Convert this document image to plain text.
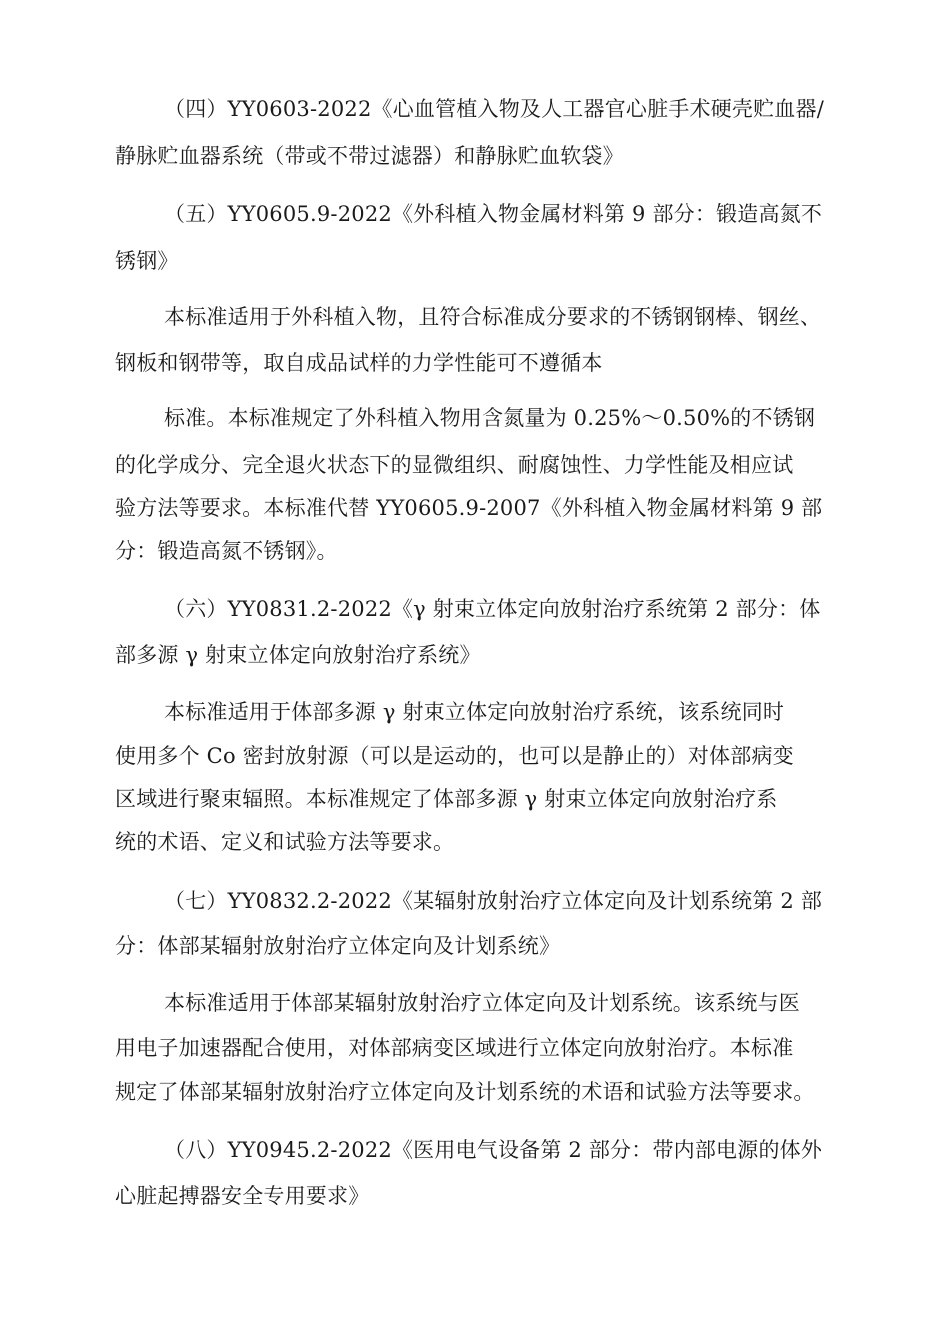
（四）YY0603-2022《心血管植入物及人工器官心脏手术硬壳贮血器/

静脉贮血器系统（带或不带过滤器）和静脉贮血软袋》

（五）YY0605.9-2022《外科植入物金属材料第 9 部分：锻造高氮不

锈钢》

本标准适用于外科植入物，且符合标准成分要求的不锈钢钢棒、钢丝、

钢板和钢带等，取自成品试样的力学性能可不遵循本

标准。本标准规定了外科植入物用含氮量为 0.25%～0.50%的不锈钢

的化学成分、完全退火状态下的显微组织、耐腐蚀性、力学性能及相应试

验方法等要求。本标准代替 YY0605.9-2007《外科植入物金属材料第 9 部

分：锻造高氮不锈钢》。

（六）YY0831.2-2022《γ 射束立体定向放射治疗系统第 2 部分：体

部多源 γ 射束立体定向放射治疗系统》

本标准适用于体部多源 γ 射束立体定向放射治疗系统，该系统同时

使用多个 Co 密封放射源（可以是运动的，也可以是静止的）对体部病变

区域进行聚束辐照。本标准规定了体部多源 γ 射束立体定向放射治疗系

统的术语、定义和试验方法等要求。

（七）YY0832.2-2022《某辐射放射治疗立体定向及计划系统第 2 部

分：体部某辐射放射治疗立体定向及计划系统》

本标准适用于体部某辐射放射治疗立体定向及计划系统。该系统与医

用电子加速器配合使用，对体部病变区域进行立体定向放射治疗。本标准

规定了体部某辐射放射治疗立体定向及计划系统的术语和试验方法等要求。

（八）YY0945.2-2022《医用电气设备第 2 部分：带内部电源的体外

心脏起搏器安全专用要求》
